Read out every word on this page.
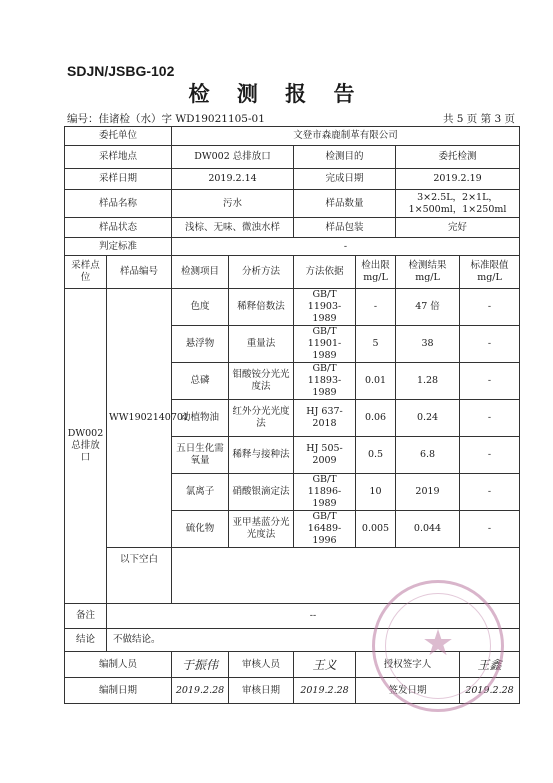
SDJN/JSBG-102
检 测 报 告
编号：佳诸检（水）字 WD19021105-01	共 5 页 第 3 页
委托单位		文登市森鹿制革有限公司					
采样地点		DW002 总排放口		检测目的		委托检测	
采样日期		2019.2.14		完成日期		2019.2.19	
样品名称		污水		样品数量		3×2.5L，2×1L，1×500ml，1×250ml	
样品状态		浅棕、无味、微浊水样		样品包装		完好	
判定标准		-					
采样点位	样品编号	检测项目	分析方法	方法依据	检出限mg/L	检测结果mg/L	标准限值mg/L
DW002 总排放口	WW1902140701	色度	稀释倍数法	GB/T 11903-1989	-	47 倍	-
		悬浮物	重量法	GB/T 11901-1989	5	38	-
		总磷	钼酸铵分光光度法	GB/T 11893-1989	0.01	1.28	-
		动植物油	红外分光光度法	HJ 637-2018	0.06	0.24	-
		五日生化需氧量	稀释与接种法	HJ 505-2009	0.5	6.8	-
		氯离子	硝酸银滴定法	GB/T 11896-1989	10	2019	-
		硫化物	亚甲基蓝分光光度法	GB/T 16489-1996	0.005	0.044	-
	以下空白						
备注	--						
结论	不做结论。						
编制人员		于振伟	审核人员	王义	授权签字人		王鑫
编制日期		2019.2.28	审核日期	2019.2.28	签发日期		2019.2.28
★
